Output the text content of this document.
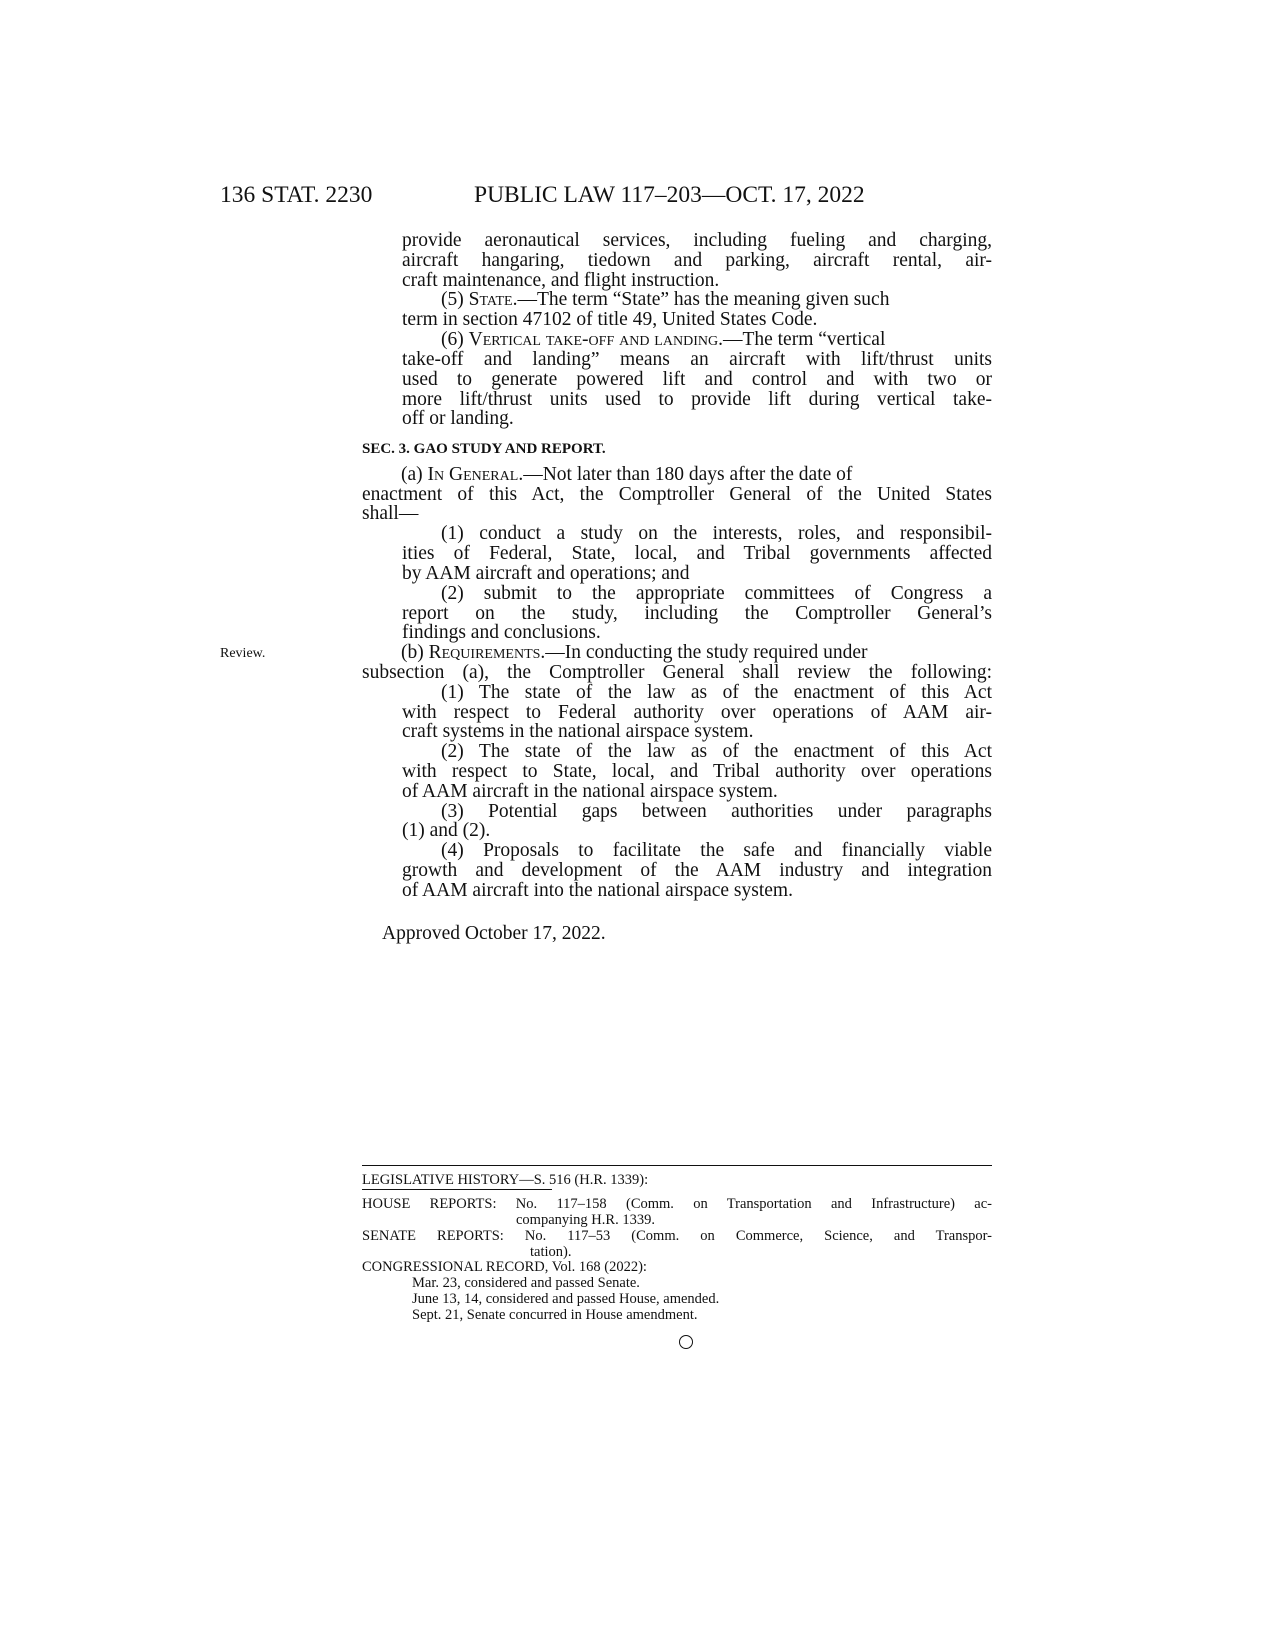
136 STAT. 2230	PUBLIC LAW 117–203—OCT. 17, 2022
Review.
provide aeronautical services, including fueling and charging,
aircraft hangaring, tiedown and parking, aircraft rental, air-
craft maintenance, and flight instruction.
(5) State.—The term “State” has the meaning given such
term in section 47102 of title 49, United States Code.
(6) Vertical take-off and landing.—The term “vertical
take-off and landing” means an aircraft with lift/thrust units
used to generate powered lift and control and with two or
more lift/thrust units used to provide lift during vertical take-
off or landing.
SEC. 3. GAO STUDY AND REPORT.
(a) In General.—Not later than 180 days after the date of
enactment of this Act, the Comptroller General of the United States
shall—
(1) conduct a study on the interests, roles, and responsibil-
ities of Federal, State, local, and Tribal governments affected
by AAM aircraft and operations; and
(2) submit to the appropriate committees of Congress a
report on the study, including the Comptroller General’s
findings and conclusions.
(b) Requirements.—In conducting the study required under
subsection (a), the Comptroller General shall review the following:
(1) The state of the law as of the enactment of this Act
with respect to Federal authority over operations of AAM air-
craft systems in the national airspace system.
(2) The state of the law as of the enactment of this Act
with respect to State, local, and Tribal authority over operations
of AAM aircraft in the national airspace system.
(3) Potential gaps between authorities under paragraphs
(1) and (2).
(4) Proposals to facilitate the safe and financially viable
growth and development of the AAM industry and integration
of AAM aircraft into the national airspace system.
Approved October 17, 2022.
LEGISLATIVE HISTORY—S. 516 (H.R. 1339):
HOUSE REPORTS: No. 117–158 (Comm. on Transportation and Infrastructure) ac-
companying H.R. 1339.
SENATE REPORTS: No. 117–53 (Comm. on Commerce, Science, and Transpor-
tation).
CONGRESSIONAL RECORD, Vol. 168 (2022):
Mar. 23, considered and passed Senate.
June 13, 14, considered and passed House, amended.
Sept. 21, Senate concurred in House amendment.
